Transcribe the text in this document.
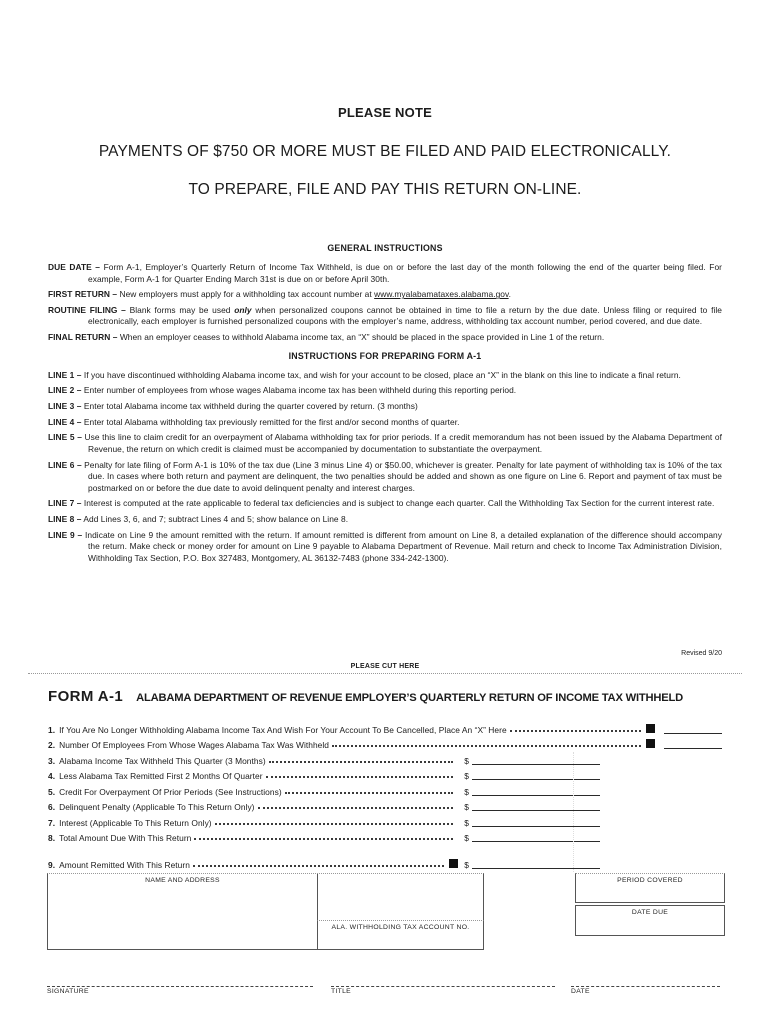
PLEASE NOTE
PAYMENTS OF $750 OR MORE MUST BE FILED AND PAID ELECTRONICALLY.
TO PREPARE, FILE AND PAY THIS RETURN ON-LINE.
GENERAL INSTRUCTIONS

DUE DATE – Form A-1, Employer’s Quarterly Return of Income Tax Withheld, is due on or before the last day of the month following the end of the quarter being filed. For example, Form A-1 for Quarter Ending March 31st is due on or before April 30th.

FIRST RETURN – New employers must apply for a withholding tax account number at www.myalabamataxes.alabama.gov.

ROUTINE FILING – Blank forms may be used only when personalized coupons cannot be obtained in time to file a return by the due date. Unless filing or required to file electronically, each employer is furnished personalized coupons with the employer’s name, address, withholding tax account number, period covered, and due date.

FINAL RETURN – When an employer ceases to withhold Alabama income tax, an “X” should be placed in the space provided in Line 1 of the return.

INSTRUCTIONS FOR PREPARING FORM A-1

LINE 1 – If you have discontinued withholding Alabama income tax, and wish for your account to be closed, place an “X” in the blank on this line to indicate a final return.

LINE 2 – Enter number of employees from whose wages Alabama income tax has been withheld during this reporting period.

LINE 3 – Enter total Alabama income tax withheld during the quarter covered by return. (3 months)

LINE 4 – Enter total Alabama withholding tax previously remitted for the first and/or second months of quarter.

LINE 5 – Use this line to claim credit for an overpayment of Alabama withholding tax for prior periods. If a credit memorandum has not been issued by the Alabama Department of Revenue, the return on which credit is claimed must be accompanied by documentation to substantiate the overpayment.

LINE 6 – Penalty for late filing of Form A-1 is 10% of the tax due (Line 3 minus Line 4) or $50.00, whichever is greater. Penalty for late payment of withholding tax is 10% of the tax due. In cases where both return and payment are delinquent, the two penalties should be added and shown as one figure on Line 6. Report and payment of tax must be postmarked on or before the due date to avoid delinquent penalty and interest charges.

LINE 7 – Interest is computed at the rate applicable to federal tax deficiencies and is subject to change each quarter. Call the Withholding Tax Section for the current interest rate.

LINE 8 – Add Lines 3, 6, and 7; subtract Lines 4 and 5; show balance on Line 8.

LINE 9 – Indicate on Line 9 the amount remitted with the return. If amount remitted is different from amount on Line 8, a detailed explanation of the difference should accompany the return. Make check or money order for amount on Line 9 payable to Alabama Department of Revenue. Mail return and check to Income Tax Administration Division, Withholding Tax Section, P.O. Box 327483, Montgomery, AL 36132-7483 (phone 334-242-1300).

Revised 9/20
PLEASE CUT HERE
FORM A-1 ALABAMA DEPARTMENT OF REVENUE EMPLOYER’S QUARTERLY RETURN OF INCOME TAX WITHHELD
1. If You Are No Longer Withholding Alabama Income Tax And Wish For Your Account To Be Cancelled, Place An “X” Here
2. Number Of Employees From Whose Wages Alabama Tax Was Withheld
3. Alabama Income Tax Withheld This Quarter (3 Months)	$
4. Less Alabama Tax Remitted First 2 Months Of Quarter	$
5. Credit For Overpayment Of Prior Periods (See Instructions)	$
6. Delinquent Penalty (Applicable To This Return Only)	$
7. Interest (Applicable To This Return Only)	$
8. Total Amount Due With This Return	$
9. Amount Remitted With This Return	$
NAME AND ADDRESS
ALA. WITHHOLDING TAX ACCOUNT NO.
PERIOD COVERED
DATE DUE
SIGNATURE	TITLE	DATE
